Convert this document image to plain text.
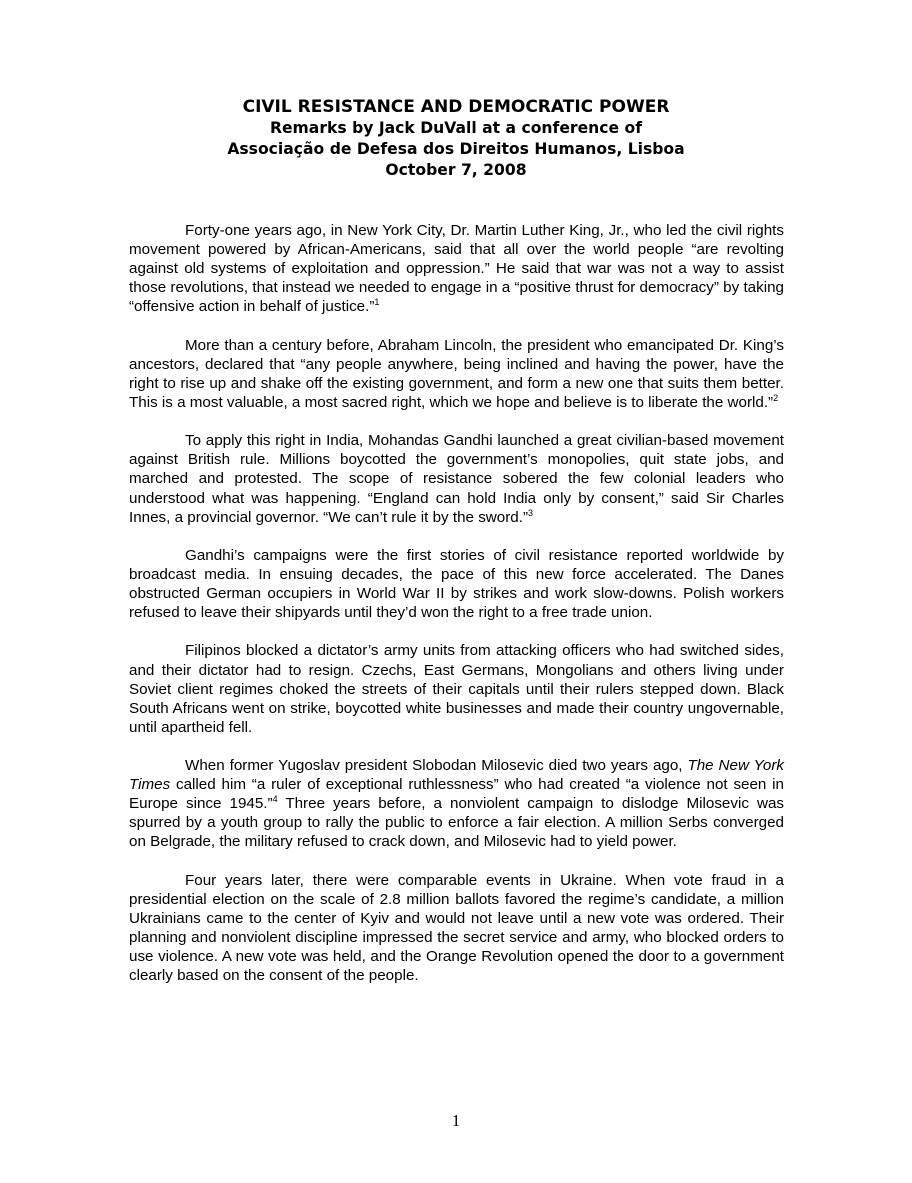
CIVIL RESISTANCE AND DEMOCRATIC POWER
Remarks by Jack DuVall at a conference of
Associação de Defesa dos Direitos Humanos, Lisboa
October 7, 2008

Forty-one years ago, in New York City, Dr. Martin Luther King, Jr., who led the civil rights movement powered by African-Americans, said that all over the world people “are revolting against old systems of exploitation and oppression.” He said that war was not a way to assist those revolutions, that instead we needed to engage in a “positive thrust for democracy” by taking “offensive action in behalf of justice.”$^1$

More than a century before, Abraham Lincoln, the president who emancipated Dr. King’s ancestors, declared that “any people anywhere, being inclined and having the power, have the right to rise up and shake off the existing government, and form a new one that suits them better. This is a most valuable, a most sacred right, which we hope and believe is to liberate the world.”$^2$

To apply this right in India, Mohandas Gandhi launched a great civilian-based movement against British rule. Millions boycotted the government’s monopolies, quit state jobs, and marched and protested. The scope of resistance sobered the few colonial leaders who understood what was happening. “England can hold India only by consent,” said Sir Charles Innes, a provincial governor. “We can’t rule it by the sword.”$^3$

Gandhi’s campaigns were the first stories of civil resistance reported worldwide by broadcast media. In ensuing decades, the pace of this new force accelerated. The Danes obstructed German occupiers in World War II by strikes and work slow-downs. Polish workers refused to leave their shipyards until they’d won the right to a free trade union.

Filipinos blocked a dictator’s army units from attacking officers who had switched sides, and their dictator had to resign. Czechs, East Germans, Mongolians and others living under Soviet client regimes choked the streets of their capitals until their rulers stepped down. Black South Africans went on strike, boycotted white businesses and made their country ungovernable, until apartheid fell.

When former Yugoslav president Slobodan Milosevic died two years ago, The New York Times called him “a ruler of exceptional ruthlessness” who had created “a violence not seen in Europe since 1945.”$^4$ Three years before, a nonviolent campaign to dislodge Milosevic was spurred by a youth group to rally the public to enforce a fair election. A million Serbs converged on Belgrade, the military refused to crack down, and Milosevic had to yield power.

Four years later, there were comparable events in Ukraine. When vote fraud in a presidential election on the scale of 2.8 million ballots favored the regime’s candidate, a million Ukrainians came to the center of Kyiv and would not leave until a new vote was ordered. Their planning and nonviolent discipline impressed the secret service and army, who blocked orders to use violence. A new vote was held, and the Orange Revolution opened the door to a government clearly based on the consent of the people.

1
